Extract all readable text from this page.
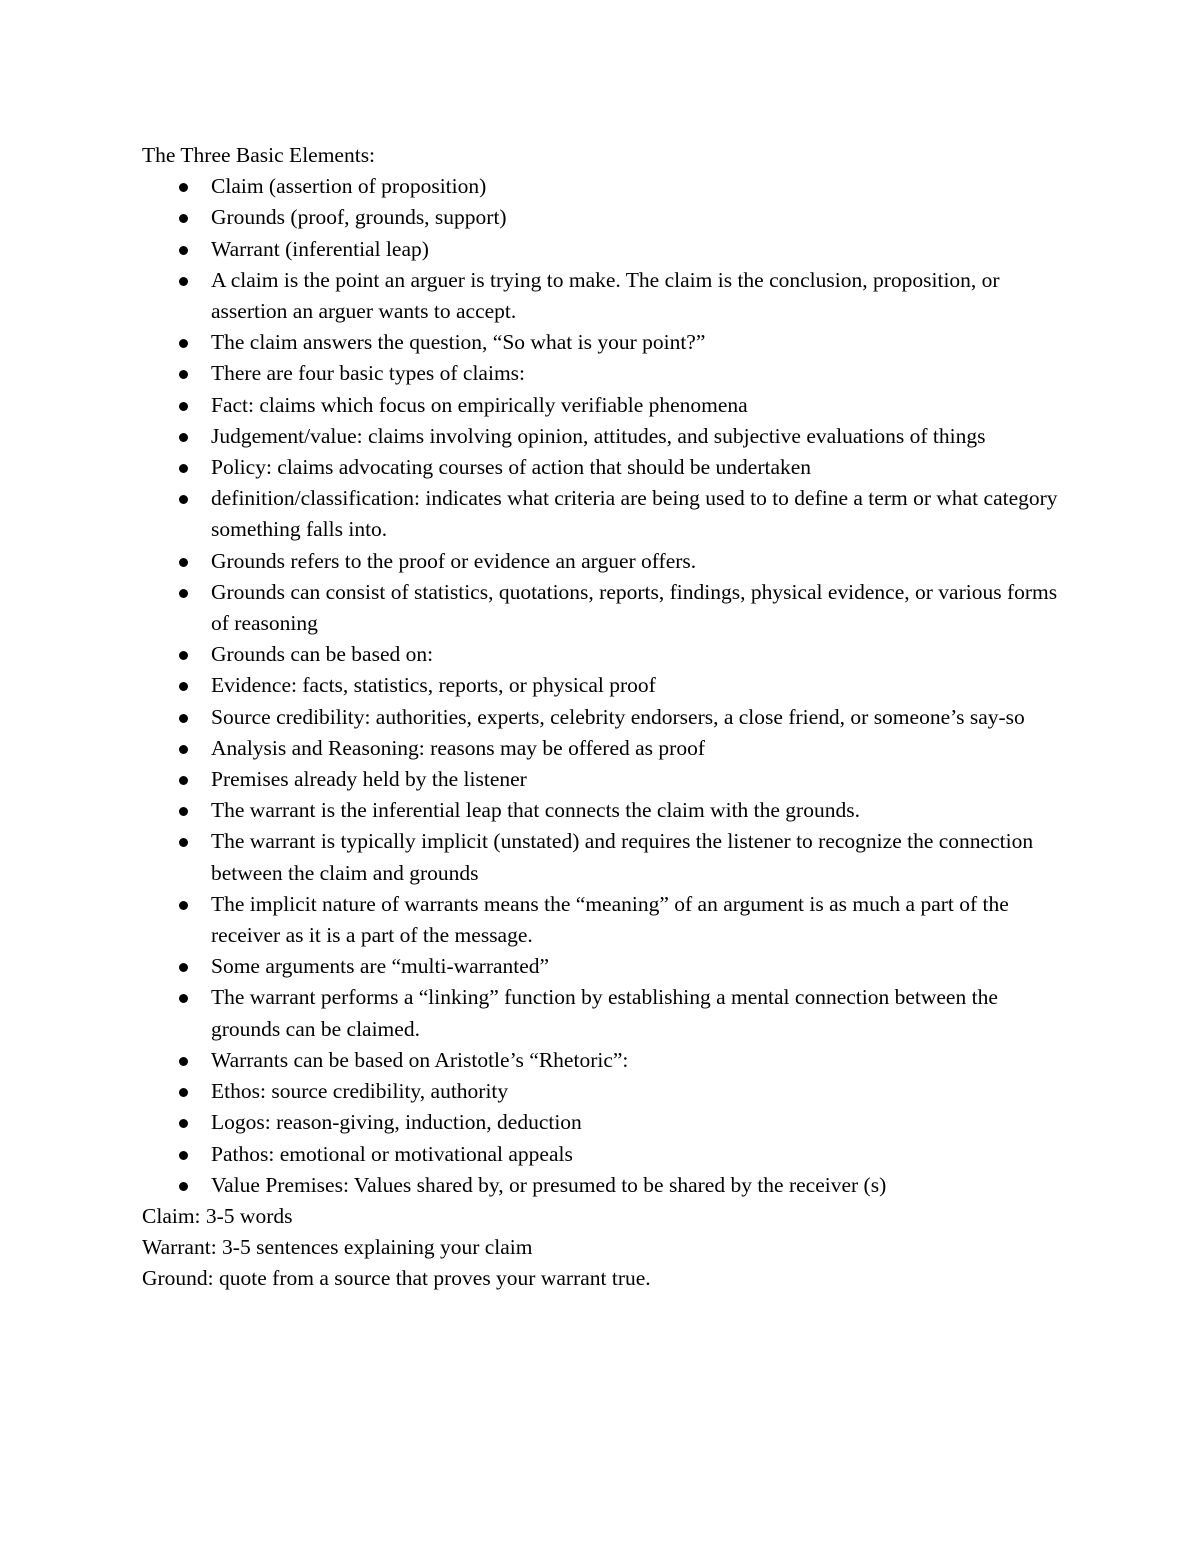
The Three Basic Elements:

Claim (assertion of proposition)
Grounds (proof, grounds, support)
Warrant (inferential leap)
A claim is the point an arguer is trying to make. The claim is the conclusion, proposition, or assertion an arguer wants to accept.
The claim answers the question, “So what is your point?”
There are four basic types of claims:
Fact: claims which focus on empirically verifiable phenomena
Judgement/value: claims involving opinion, attitudes, and subjective evaluations of things
Policy: claims advocating courses of action that should be undertaken
definition/classification: indicates what criteria are being used to to define a term or what category something falls into.
Grounds refers to the proof or evidence an arguer offers.
Grounds can consist of statistics, quotations, reports, findings, physical evidence, or various forms of reasoning
Grounds can be based on:
Evidence: facts, statistics, reports, or physical proof
Source credibility: authorities, experts, celebrity endorsers, a close friend, or someone’s say-so
Analysis and Reasoning: reasons may be offered as proof
Premises already held by the listener
The warrant is the inferential leap that connects the claim with the grounds.
The warrant is typically implicit (unstated) and requires the listener to recognize the connection between the claim and grounds
The implicit nature of warrants means the “meaning” of an argument is as much a part of the receiver as it is a part of the message.
Some arguments are “multi-warranted”
The warrant performs a “linking” function by establishing a mental connection between the grounds can be claimed.
Warrants can be based on Aristotle’s “Rhetoric”:
Ethos: source credibility, authority
Logos: reason-giving, induction, deduction
Pathos: emotional or motivational appeals
Value Premises: Values shared by, or presumed to be shared by the receiver (s)

Claim: 3-5 words

Warrant: 3-5 sentences explaining your claim

Ground: quote from a source that proves your warrant true.
